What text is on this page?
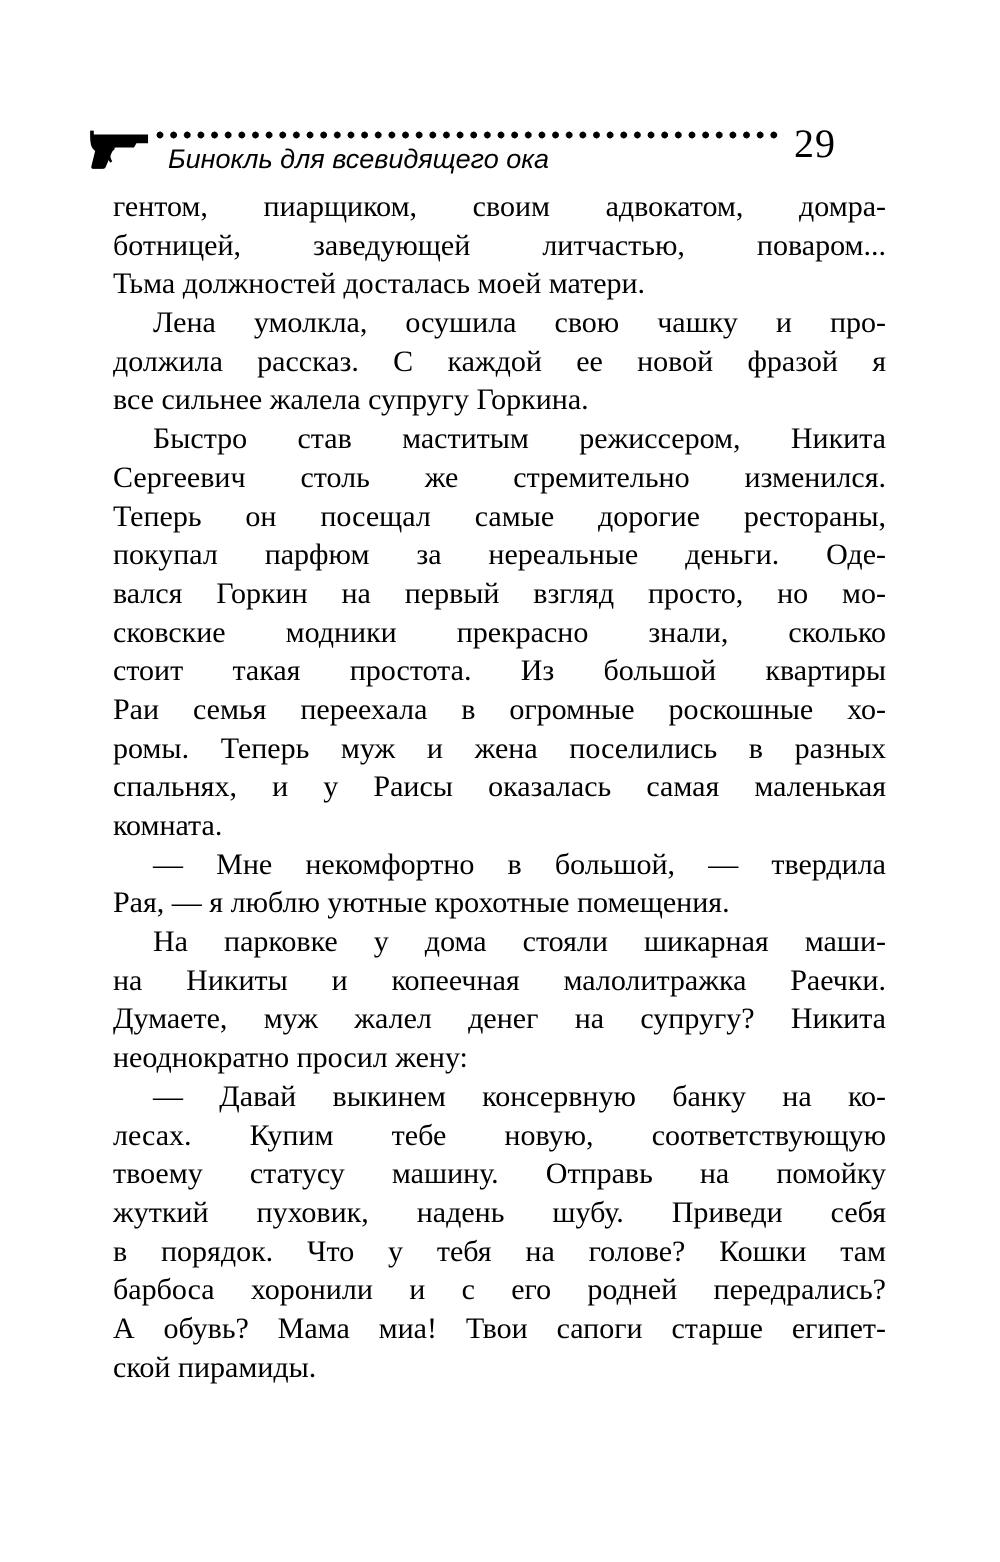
29
Бинокль для всевидящего ока
гентом, пиарщиком, своим адвокатом, домра-
ботницей, заведующей литчастью, поваром...
Тьма должностей досталась моей матери.
Лена умолкла, осушила свою чашку и про-
должила рассказ. С каждой ее новой фразой я
все сильнее жалела супругу Горкина.
Быстро став маститым режиссером, Никита
Сергеевич столь же стремительно изменился.
Теперь он посещал самые дорогие рестораны,
покупал парфюм за нереальные деньги. Оде-
вался Горкин на первый взгляд просто, но мо-
сковские модники прекрасно знали, сколько
стоит такая простота. Из большой квартиры
Раи семья переехала в огромные роскошные хо-
ромы. Теперь муж и жена поселились в разных
спальнях, и у Раисы оказалась самая маленькая
комната.
— Мне некомфортно в большой, — твердила
Рая, — я люблю уютные крохотные помещения.
На парковке у дома стояли шикарная маши-
на Никиты и копеечная малолитражка Раечки.
Думаете, муж жалел денег на супругу? Никита
неоднократно просил жену:
— Давай выкинем консервную банку на ко-
лесах. Купим тебе новую, соответствующую
твоему статусу машину. Отправь на помойку
жуткий пуховик, надень шубу. Приведи себя
в порядок. Что у тебя на голове? Кошки там
барбоса хоронили и с его родней передрались?
А обувь? Мама миа! Твои сапоги старше египет-
ской пирамиды.
